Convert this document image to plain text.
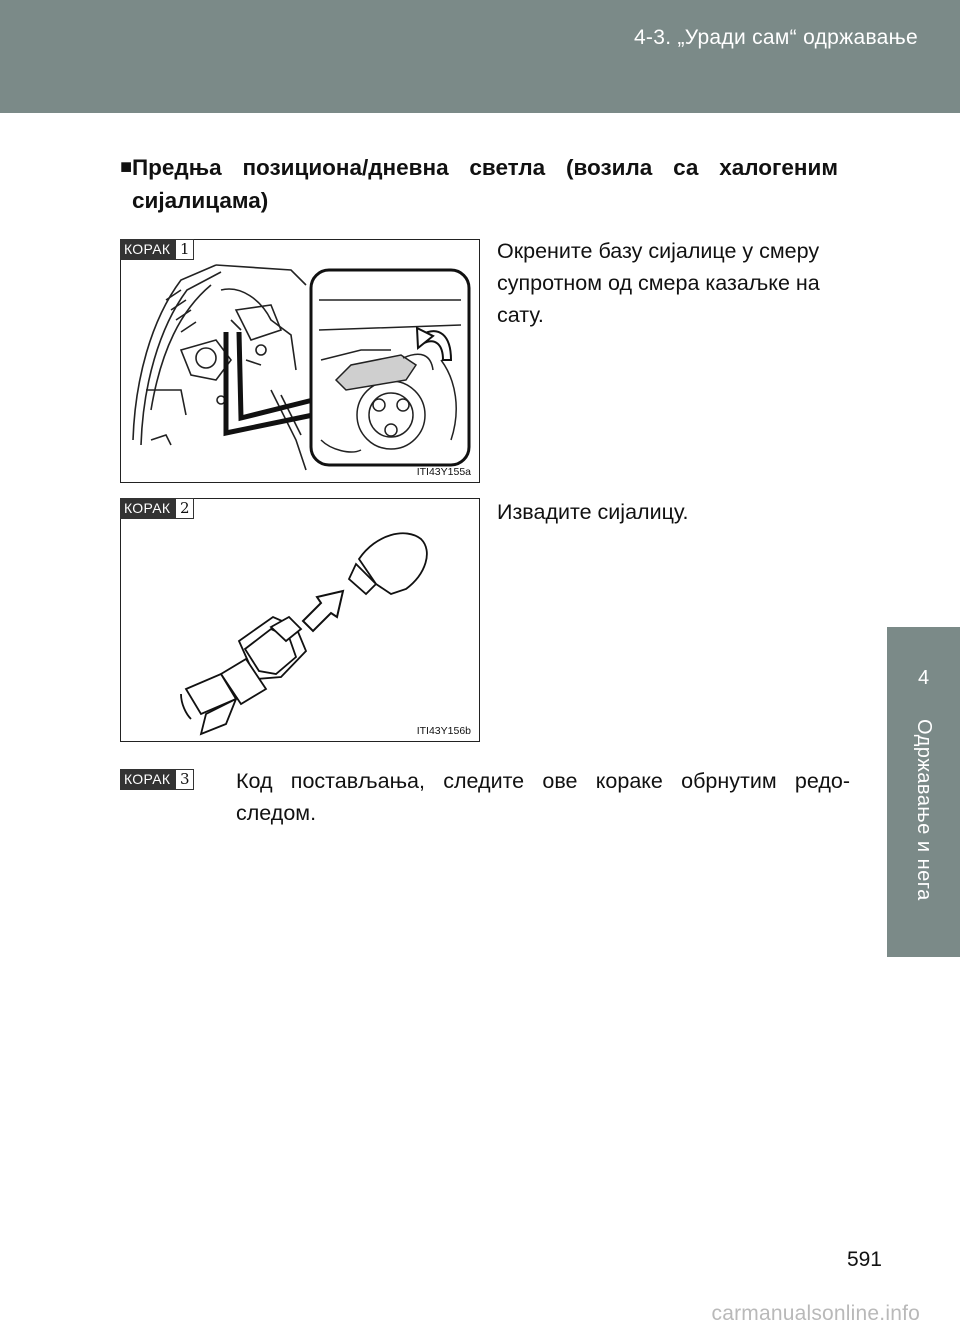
4-3. „Уради сам“ одржавање
4
Одржавање и нега
■ Предња позициона/дневна светла (возила са халогеним
сијалицама)
ITI43Y155a
КОРАК 1	Окрените базу сијалице у смеру
супротном од смера казаљке на
сату.
ITI43Y156b
КОРАК 2	Извадите сијалицу.
КОРАК 3 Код постављања, следите ове кораке обрнутим редо-
следом.
591
carmanualsonline.info
